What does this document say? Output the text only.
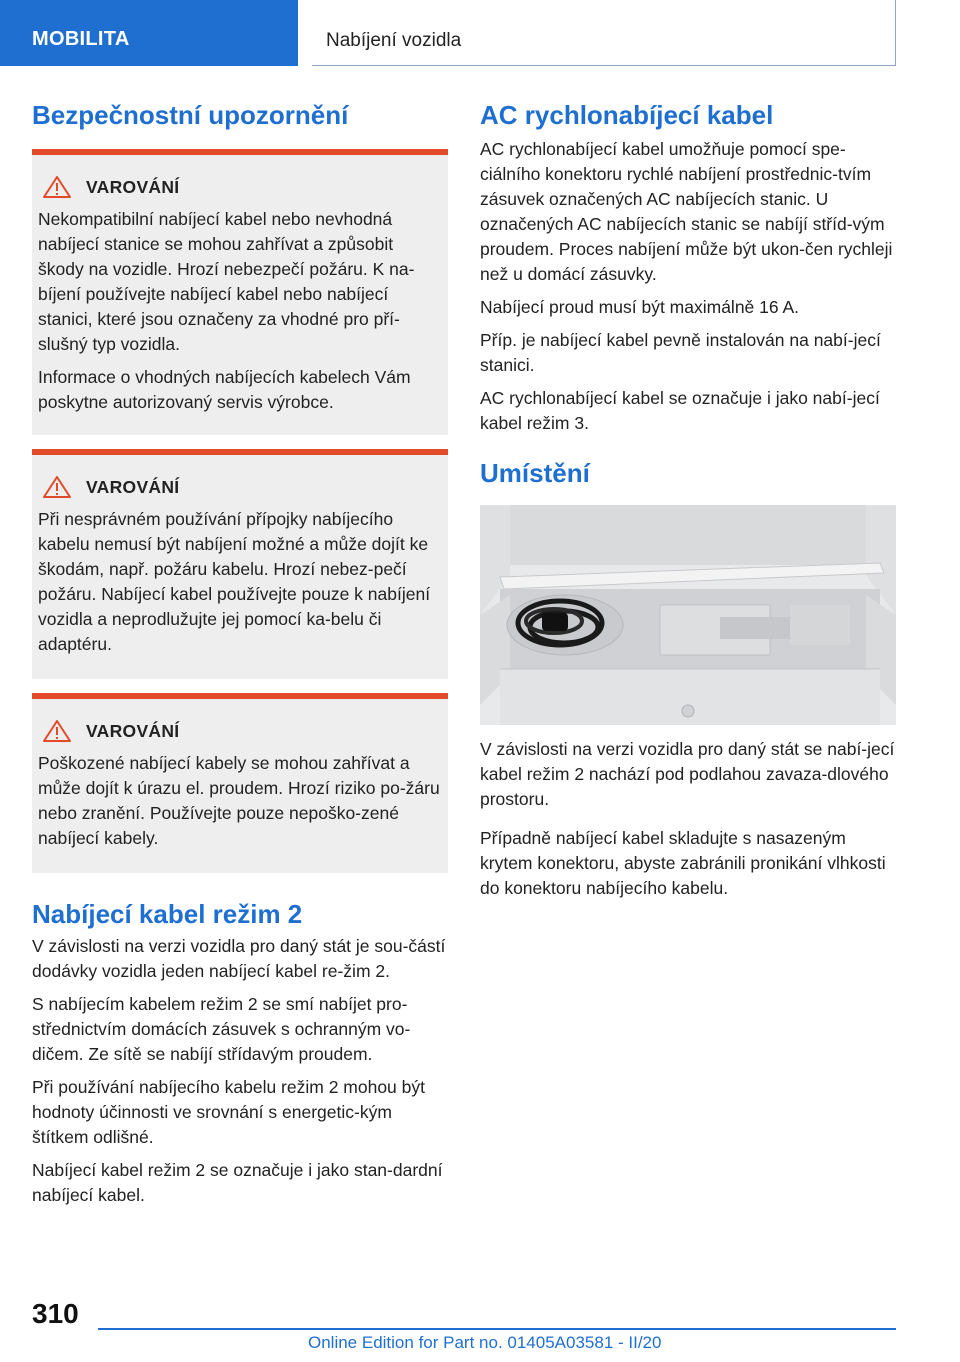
MOBILITA	Nabíjení vozidla
Bezpečnostní upozornění
VAROVÁNÍ

Nekompatibilní nabíjecí kabel nebo nevhodná nabíjecí stanice se mohou zahřívat a způsobit škody na vozidle. Hrozí nebezpečí požáru. K na-bíjení používejte nabíjecí kabel nebo nabíjecí stanici, které jsou označeny za vhodné pro pří-slušný typ vozidla.

Informace o vhodných nabíjecích kabelech Vám poskytne autorizovaný servis výrobce.

VAROVÁNÍ

Při nesprávném používání přípojky nabíjecího kabelu nemusí být nabíjení možné a může dojít ke škodám, např. požáru kabelu. Hrozí nebez-pečí požáru. Nabíjecí kabel používejte pouze k nabíjení vozidla a neprodlužujte jej pomocí ka-belu či adaptéru.

VAROVÁNÍ

Poškozené nabíjecí kabely se mohou zahřívat a může dojít k úrazu el. proudem. Hrozí riziko po-žáru nebo zranění. Používejte pouze nepoško-zené nabíjecí kabely.

Nabíjecí kabel režim 2

V závislosti na verzi vozidla pro daný stát je sou-částí dodávky vozidla jeden nabíjecí kabel re-žim 2.

S nabíjecím kabelem režim 2 se smí nabíjet pro-střednictvím domácích zásuvek s ochranným vo-dičem. Ze sítě se nabíjí střídavým proudem.

Při používání nabíjecího kabelu režim 2 mohou být hodnoty účinnosti ve srovnání s energetic-kým štítkem odlišné.

Nabíjecí kabel režim 2 se označuje i jako stan-dardní nabíjecí kabel.

AC rychlonabíjecí kabel

AC rychlonabíjecí kabel umožňuje pomocí spe-ciálního konektoru rychlé nabíjení prostřednic-tvím zásuvek označených AC nabíjecích stanic. U označených AC nabíjecích stanic se nabíjí stříd-vým proudem. Proces nabíjení může být ukon-čen rychleji než u domácí zásuvky.

Nabíjecí proud musí být maximálně 16 A.

Příp. je nabíjecí kabel pevně instalován na nabí-jecí stanici.

AC rychlonabíjecí kabel se označuje i jako nabí-jecí kabel režim 3.

Umístění

V závislosti na verzi vozidla pro daný stát se nabí-jecí kabel režim 2 nachází pod podlahou zavaza-dlového prostoru.

Případně nabíjecí kabel skladujte s nasazeným krytem konektoru, abyste zabránili pronikání vlhkosti do konektoru nabíjecího kabelu.

310
Online Edition for Part no. 01405A03581 - II/20
